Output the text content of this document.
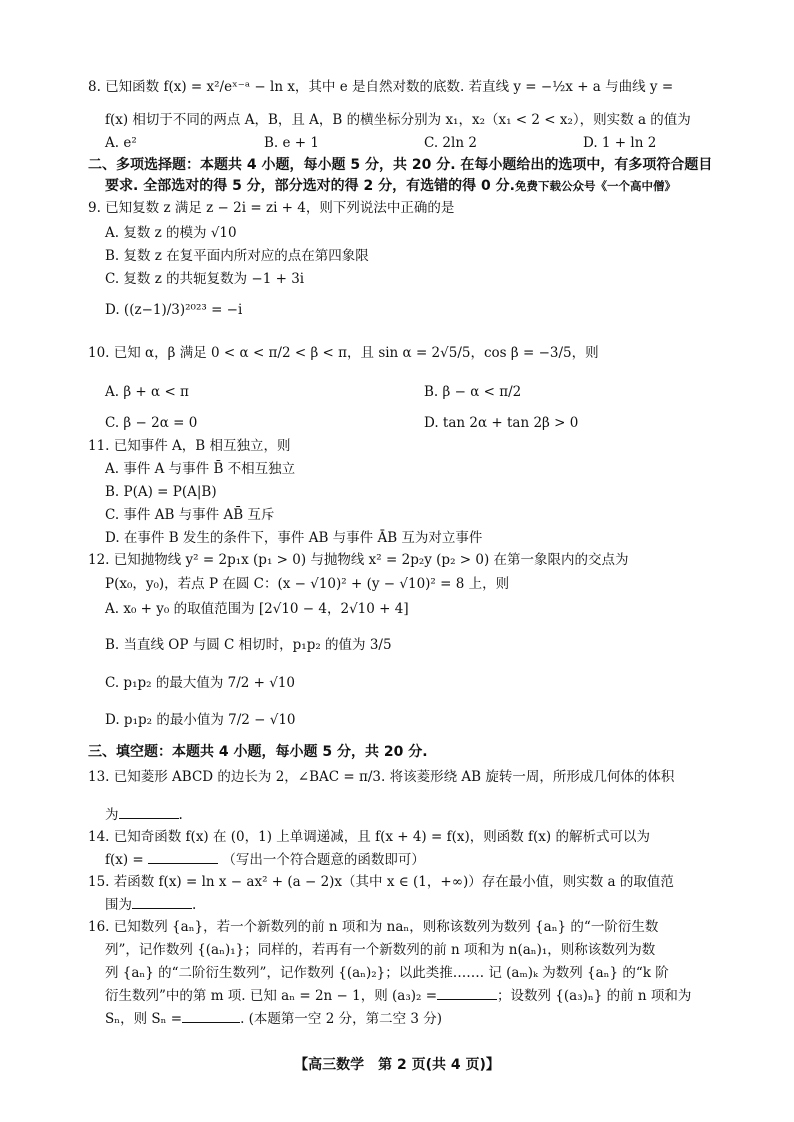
8. 已知函数 f(x) = x²/eˣ⁻ᵃ − ln x，其中 e 是自然对数的底数. 若直线 y = −½x + a 与曲线 y =
f(x) 相切于不同的两点 A，B，且 A，B 的横坐标分别为 x₁，x₂（x₁ < 2 < x₂），则实数 a 的值为
A. e²	B. e + 1	C. 2ln 2	D. 1 + ln 2
二、多项选择题：本题共 4 小题，每小题 5 分，共 20 分. 在每小题给出的选项中，有多项符合题目
要求. 全部选对的得 5 分，部分选对的得 2 分，有选错的得 0 分.免费下载公众号《一个高中僧》
9. 已知复数 z 满足 z − 2i = zi + 4，则下列说法中正确的是
A. 复数 z 的模为 √10
B. 复数 z 在复平面内所对应的点在第四象限
C. 复数 z 的共轭复数为 −1 + 3i
D. ((z−1)/3)²⁰²³ = −i
10. 已知 α，β 满足 0 < α < π/2 < β < π，且 sin α = 2√5/5，cos β = −3/5，则
A. β + α < π	B. β − α < π/2
C. β − 2α = 0	D. tan 2α + tan 2β > 0
11. 已知事件 A，B 相互独立，则
A. 事件 A 与事件 B̄ 不相互独立
B. P(A) = P(A|B)
C. 事件 AB 与事件 AB̄ 互斥
D. 在事件 B 发生的条件下，事件 AB 与事件 ĀB 互为对立事件
12. 已知抛物线 y² = 2p₁x (p₁ > 0) 与抛物线 x² = 2p₂y (p₂ > 0) 在第一象限内的交点为
P(x₀，y₀)，若点 P 在圆 C：(x − √10)² + (y − √10)² = 8 上，则
A. x₀ + y₀ 的取值范围为 [2√10 − 4，2√10 + 4]
B. 当直线 OP 与圆 C 相切时，p₁p₂ 的值为 3/5
C. p₁p₂ 的最大值为 7/2 + √10
D. p₁p₂ 的最小值为 7/2 − √10
三、填空题：本题共 4 小题，每小题 5 分，共 20 分.
13. 已知菱形 ABCD 的边长为 2，∠BAC = π/3. 将该菱形绕 AB 旋转一周，所形成几何体的体积
为	.
14. 已知奇函数 f(x) 在 (0，1) 上单调递减，且 f(x + 4) = f(x)，则函数 f(x) 的解析式可以为
f(x) =	（写出一个符合题意的函数即可）
15. 若函数 f(x) = ln x − ax² + (a − 2)x（其中 x ∈ (1，+∞)）存在最小值，则实数 a 的取值范
围为	.
16. 已知数列 {aₙ}，若一个新数列的前 n 项和为 naₙ，则称该数列为数列 {aₙ} 的“一阶衍生数
列”，记作数列 {(aₙ)₁}；同样的，若再有一个新数列的前 n 项和为 n(aₙ)₁，则称该数列为数
列 {aₙ} 的“二阶衍生数列”，记作数列 {(aₙ)₂}；以此类推……. 记 (aₘ)ₖ 为数列 {aₙ} 的“k 阶
衍生数列”中的第 m 项. 已知 aₙ = 2n − 1，则 (a₃)₂ =	；设数列 {(a₃)ₙ} 的前 n 项和为
Sₙ，则 Sₙ =	. (本题第一空 2 分，第二空 3 分)
【高三数学　第 2 页(共 4 页)】
